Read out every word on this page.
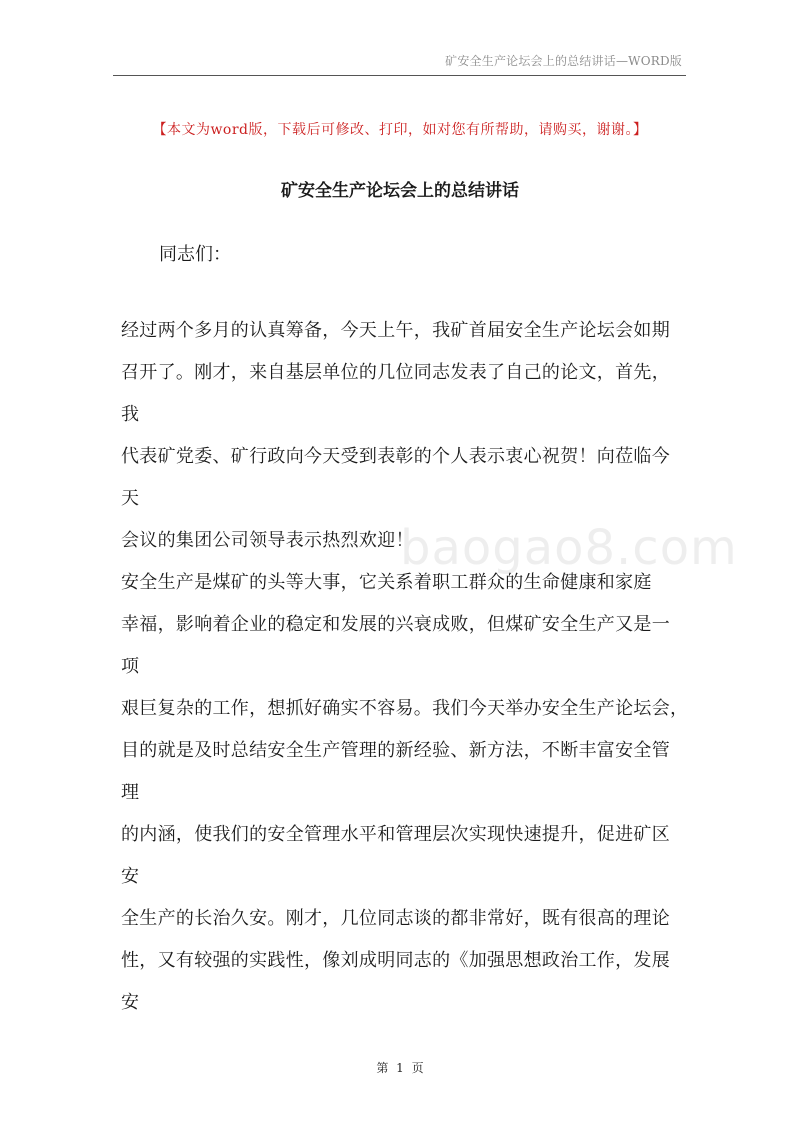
矿安全生产论坛会上的总结讲话—WORD版
【本文为word版，下载后可修改、打印，如对您有所帮助，请购买，谢谢。】
矿安全生产论坛会上的总结讲话
同志们：
经过两个多月的认真筹备，今天上午，我矿首届安全生产论坛会如期
召开了。刚才，来自基层单位的几位同志发表了自己的论文，首先，
我
代表矿党委、矿行政向今天受到表彰的个人表示衷心祝贺！向莅临今
天
会议的集团公司领导表示热烈欢迎！
安全生产是煤矿的头等大事，它关系着职工群众的生命健康和家庭
幸福，影响着企业的稳定和发展的兴衰成败，但煤矿安全生产又是一
项
艰巨复杂的工作，想抓好确实不容易。我们今天举办安全生产论坛会，
目的就是及时总结安全生产管理的新经验、新方法，不断丰富安全管
理
的内涵，使我们的安全管理水平和管理层次实现快速提升，促进矿区
安
全生产的长治久安。刚才，几位同志谈的都非常好，既有很高的理论
性，又有较强的实践性，像刘成明同志的《加强思想政治工作，发展
安
baogao8.com
第 1 页
